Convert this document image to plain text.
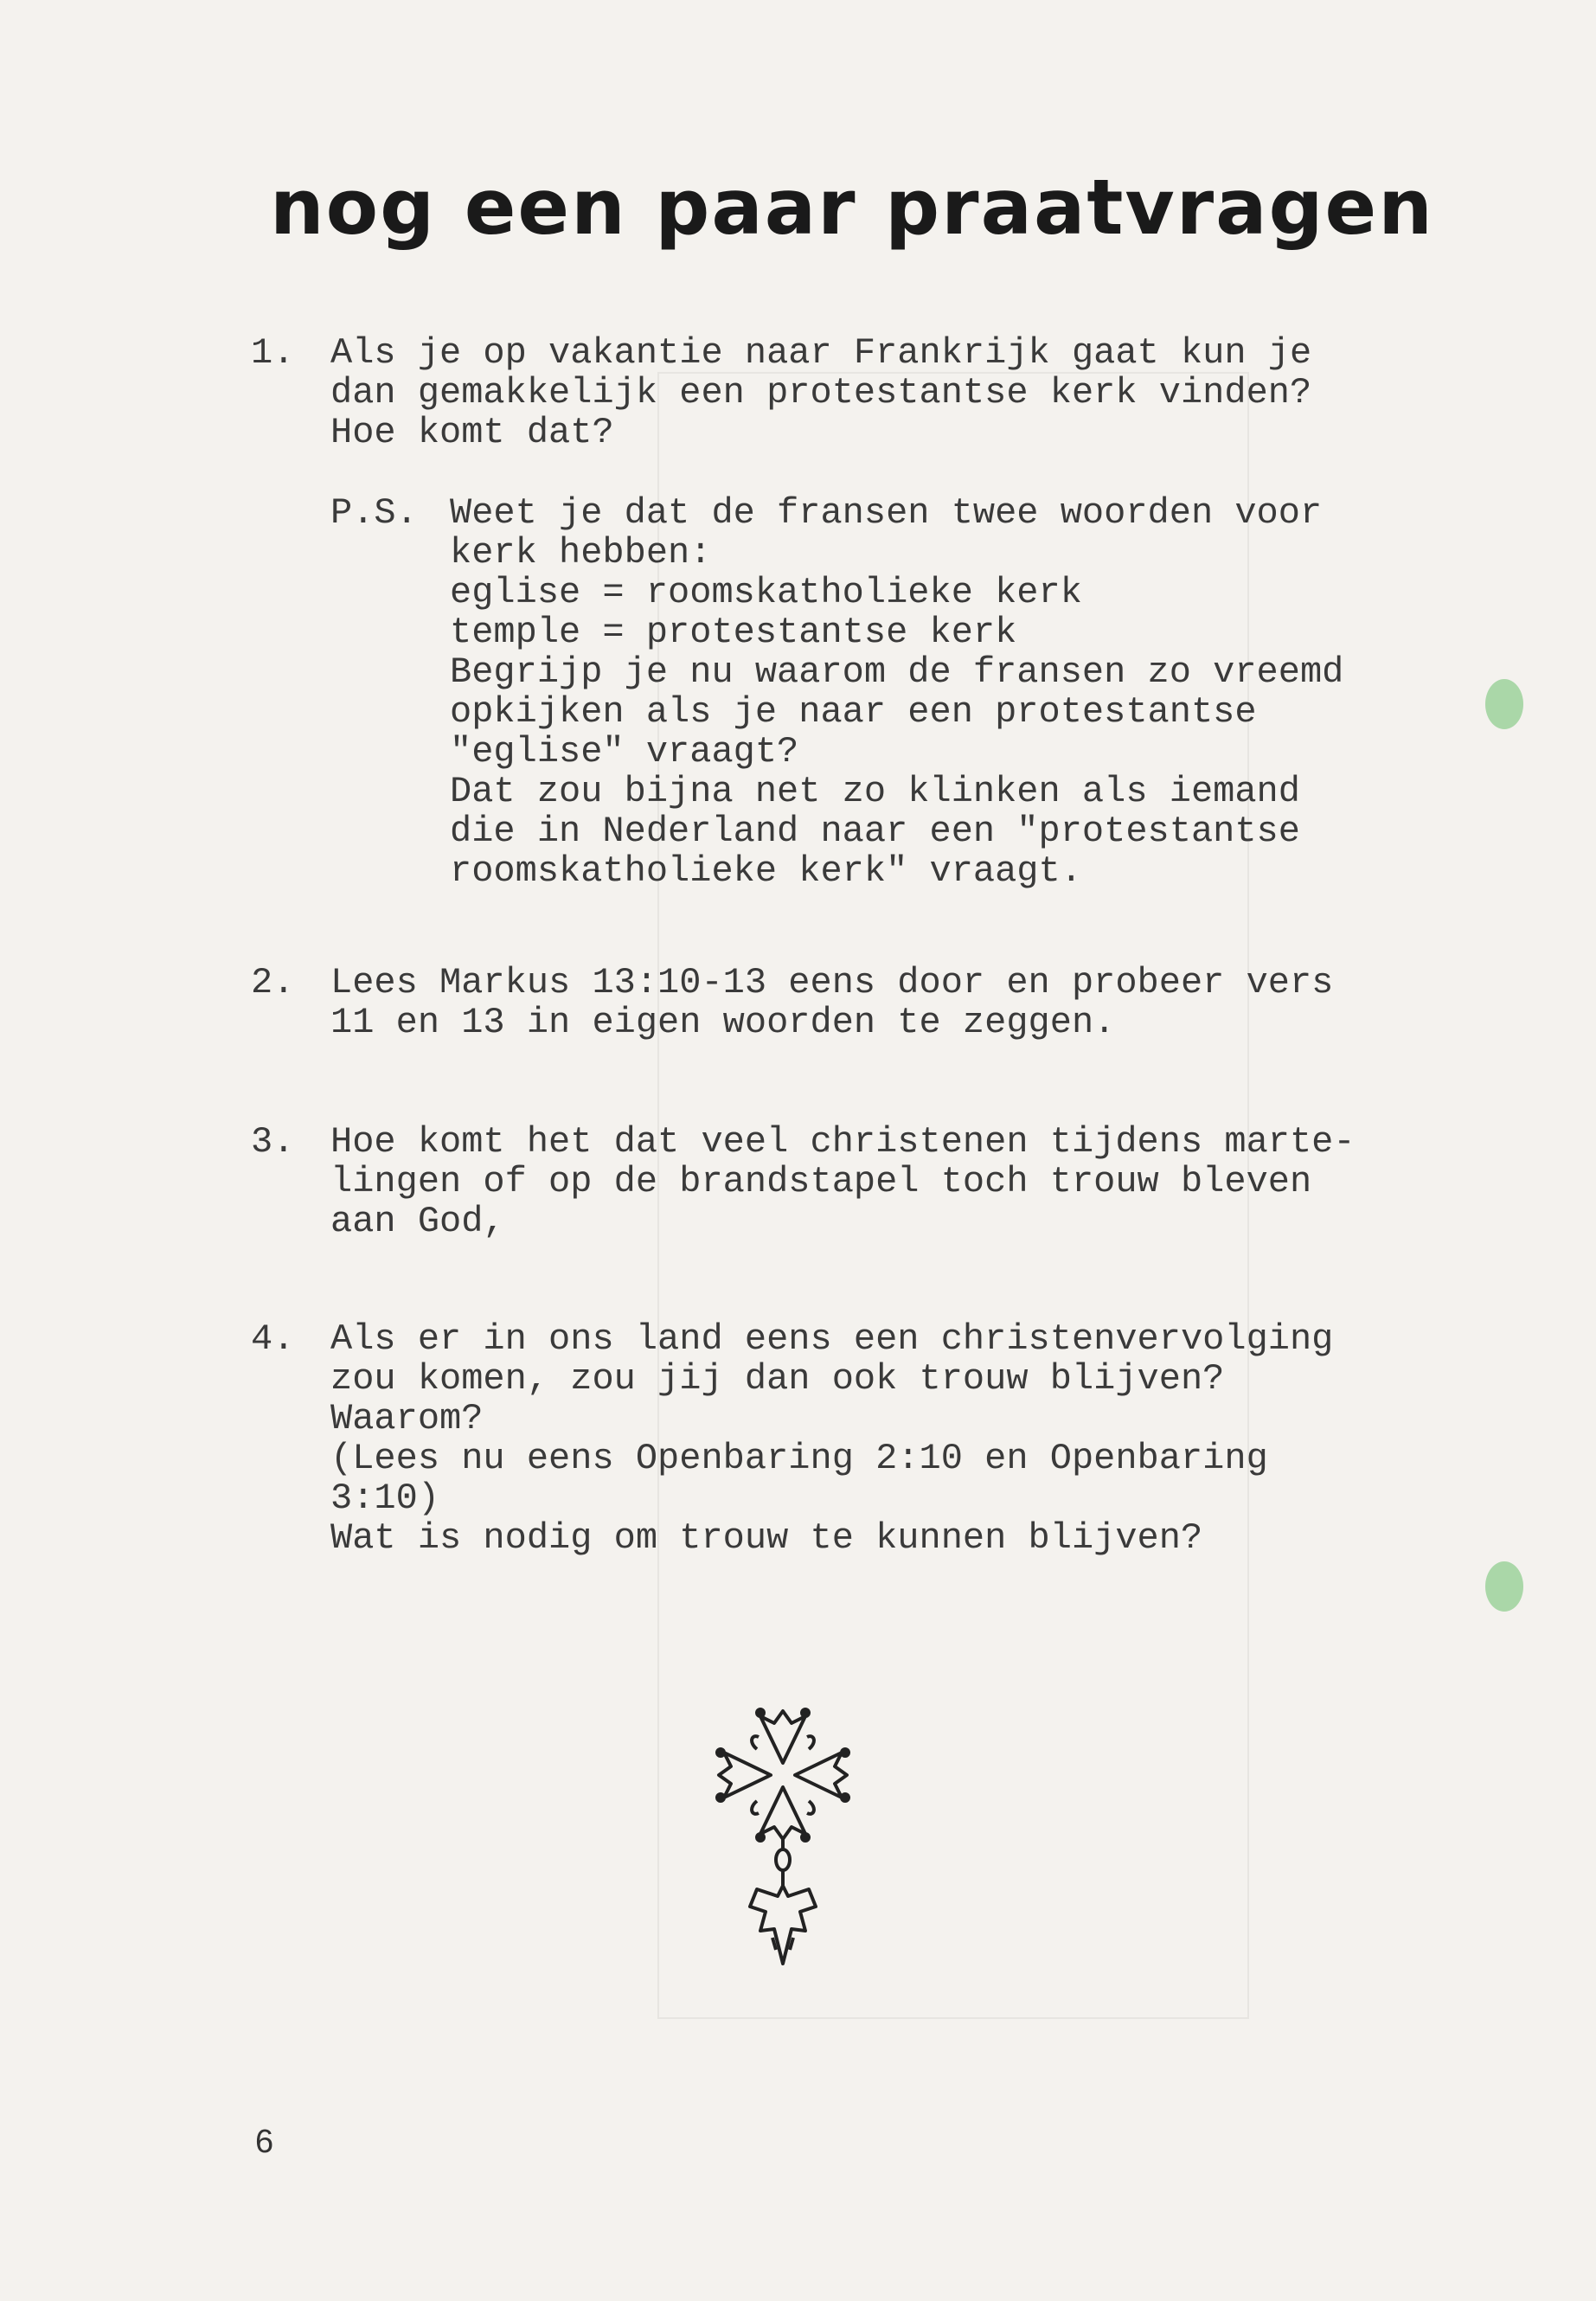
nog een paar praatvragen
1. Als je op vakantie naar Frankrijk gaat kun je
dan gemakkelijk een protestantse kerk vinden?
Hoe komt dat?
P.S. Weet je dat de fransen twee woorden voor
kerk hebben:
eglise = roomskatholieke kerk
temple = protestantse kerk
Begrijp je nu waarom de fransen zo vreemd
opkijken als je naar een protestantse
"eglise" vraagt?
Dat zou bijna net zo klinken als iemand
die in Nederland naar een "protestantse
roomskatholieke kerk" vraagt.
2. Lees Markus 13:10-13 eens door en probeer vers
11 en 13 in eigen woorden te zeggen.
3. Hoe komt het dat veel christenen tijdens marte-
lingen of op de brandstapel toch trouw bleven
aan God,
4. Als er in ons land eens een christenvervolging
zou komen, zou jij dan ook trouw blijven?
Waarom?
(Lees nu eens Openbaring 2:10 en Openbaring
3:10)
Wat is nodig om trouw te kunnen blijven?
6
